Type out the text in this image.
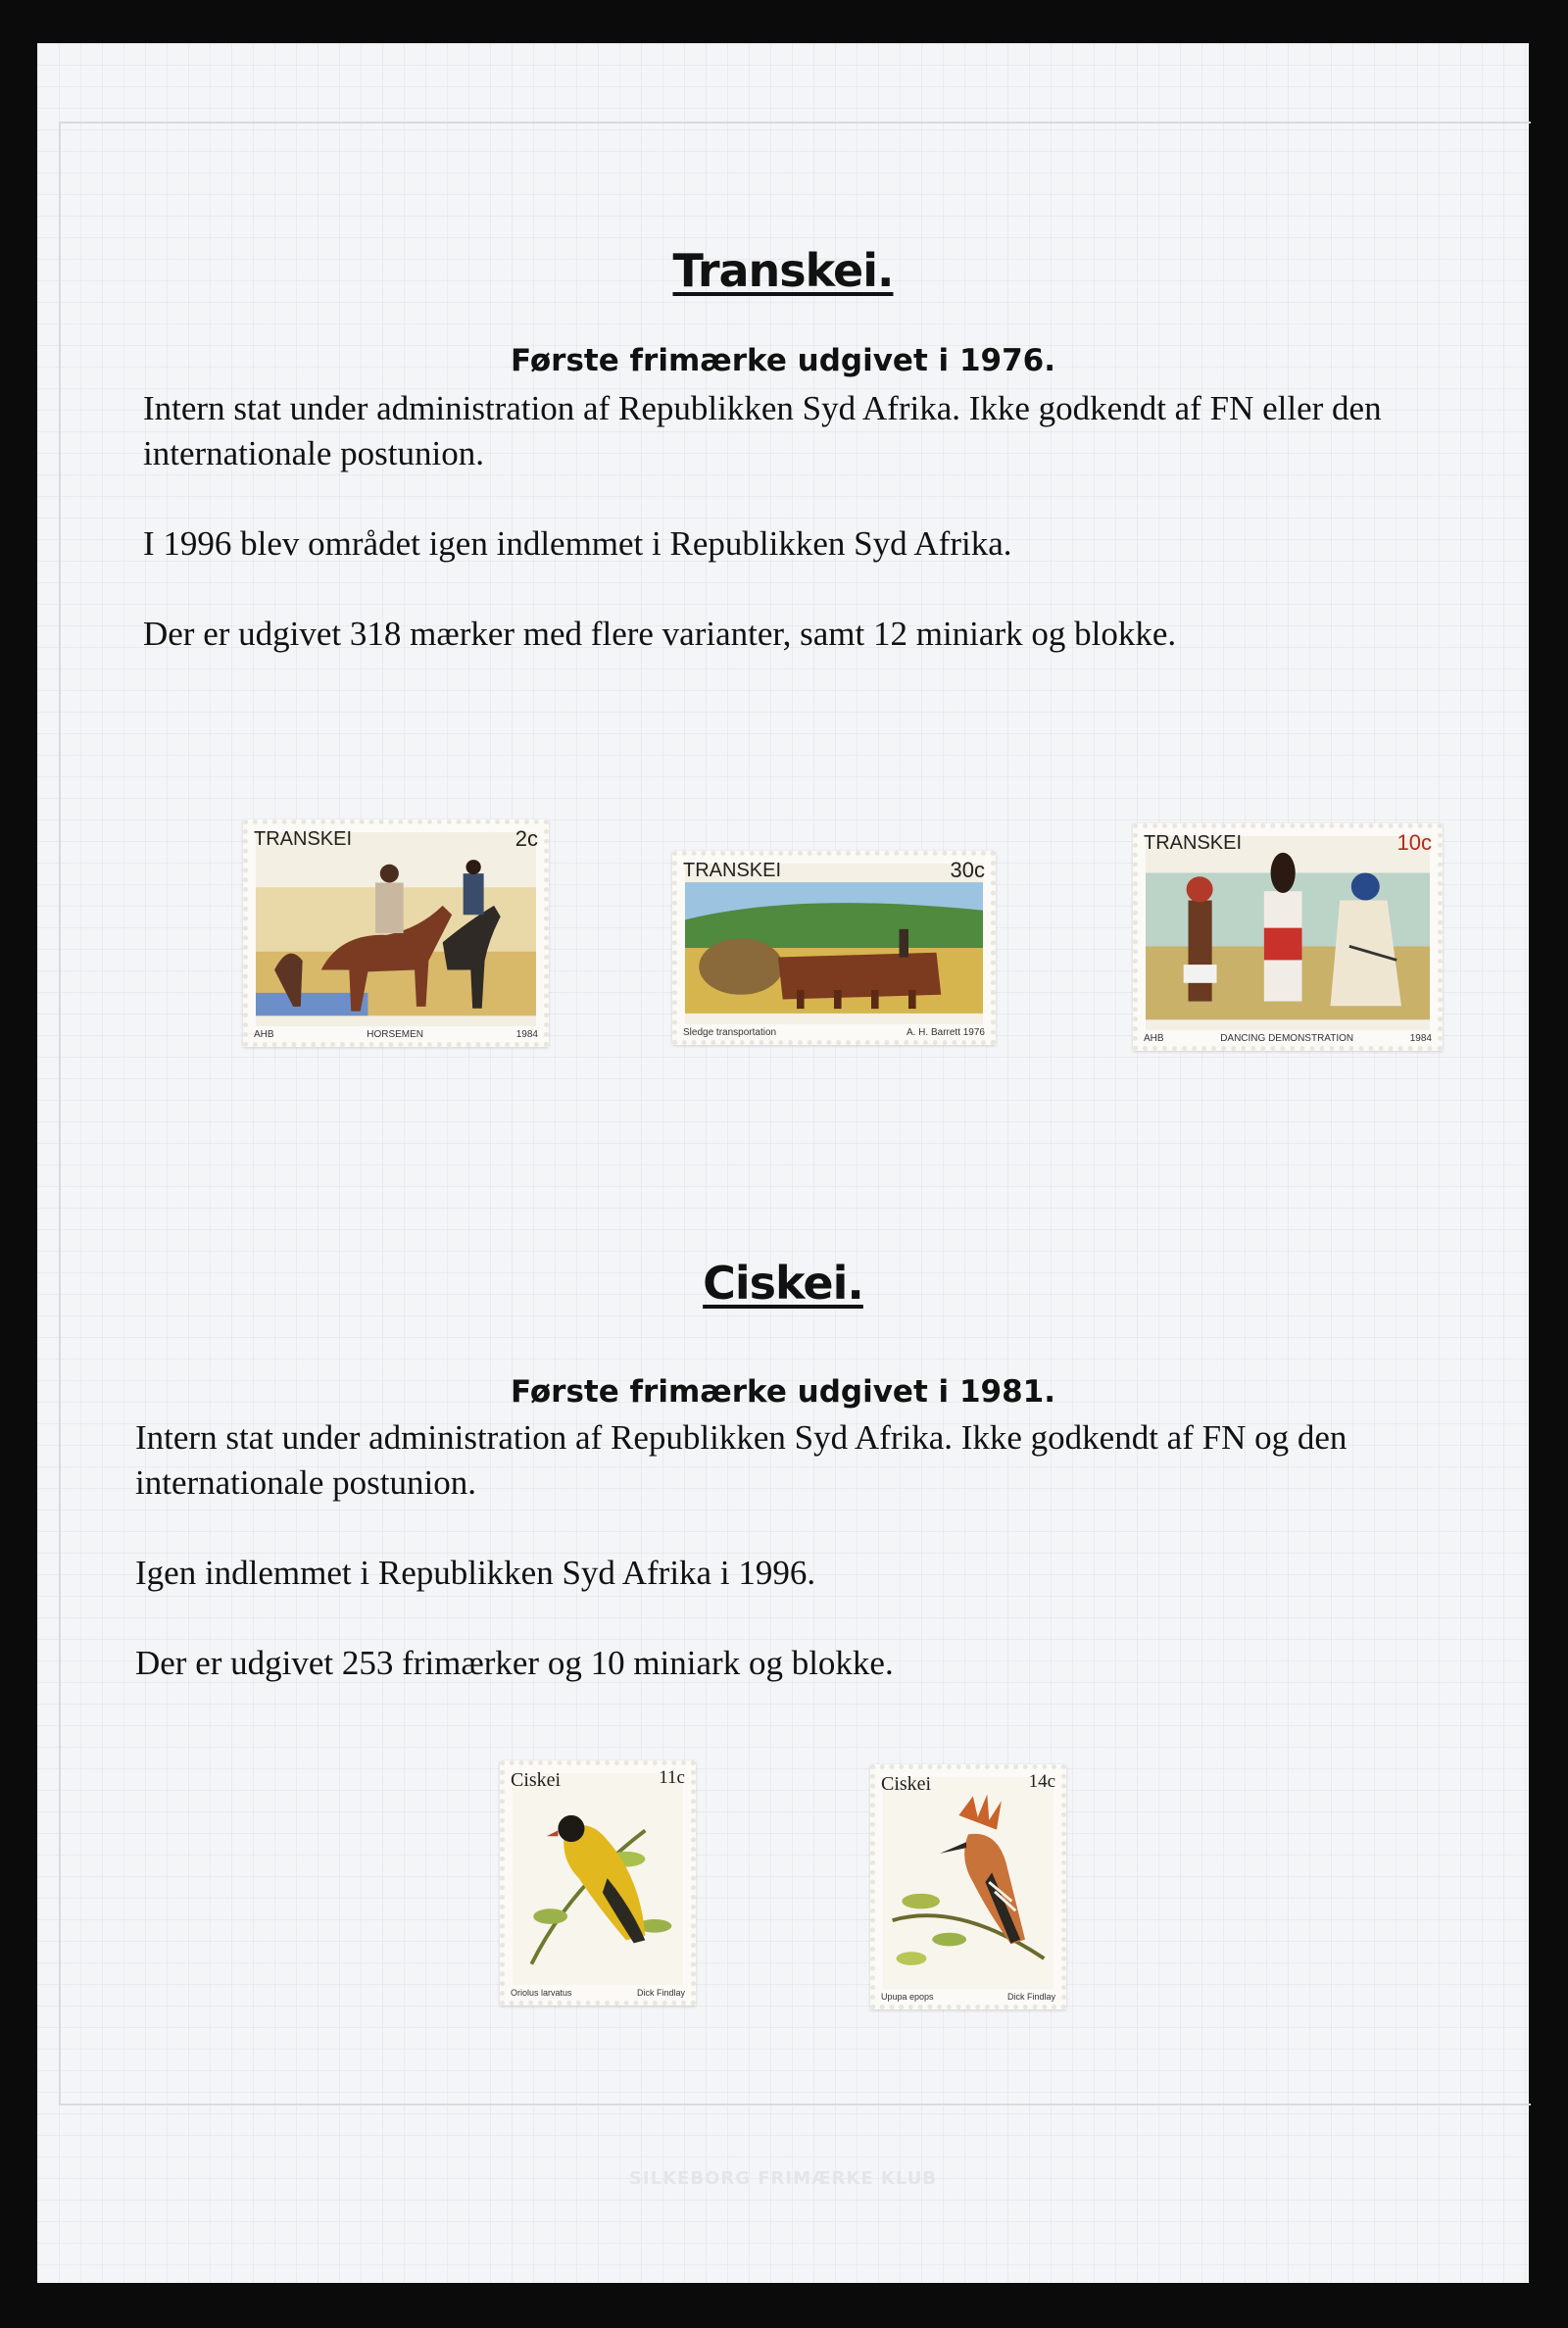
Transkei.
Første frimærke udgivet i 1976.

Intern stat under administration af Republikken Syd Afrika. Ikke godkendt af FN eller den internationale postunion.

I 1996 blev området igen indlemmet i Republikken Syd Afrika.

Der er udgivet 318 mærker med flere varianter, samt 12 miniark og blokke.

TRANSKEI	2c
AHB	HORSEMEN	1984
TRANSKEI	30c
Sledge transportation	A. H. Barrett 1976
TRANSKEI	10c
AHB	DANCING DEMONSTRATION	1984
Ciskei.
Første frimærke udgivet i 1981.

Intern stat under administration af Republikken Syd Afrika. Ikke godkendt af FN og den internationale postunion.

Igen indlemmet i Republikken Syd Afrika i 1996.

Der er udgivet 253 frimærker og 10 miniark og blokke.

Ciskei	11c
Oriolus larvatus	Dick Findlay
Ciskei	14c
Upupa epops	Dick Findlay
SILKEBORG FRIMÆRKE KLUB
